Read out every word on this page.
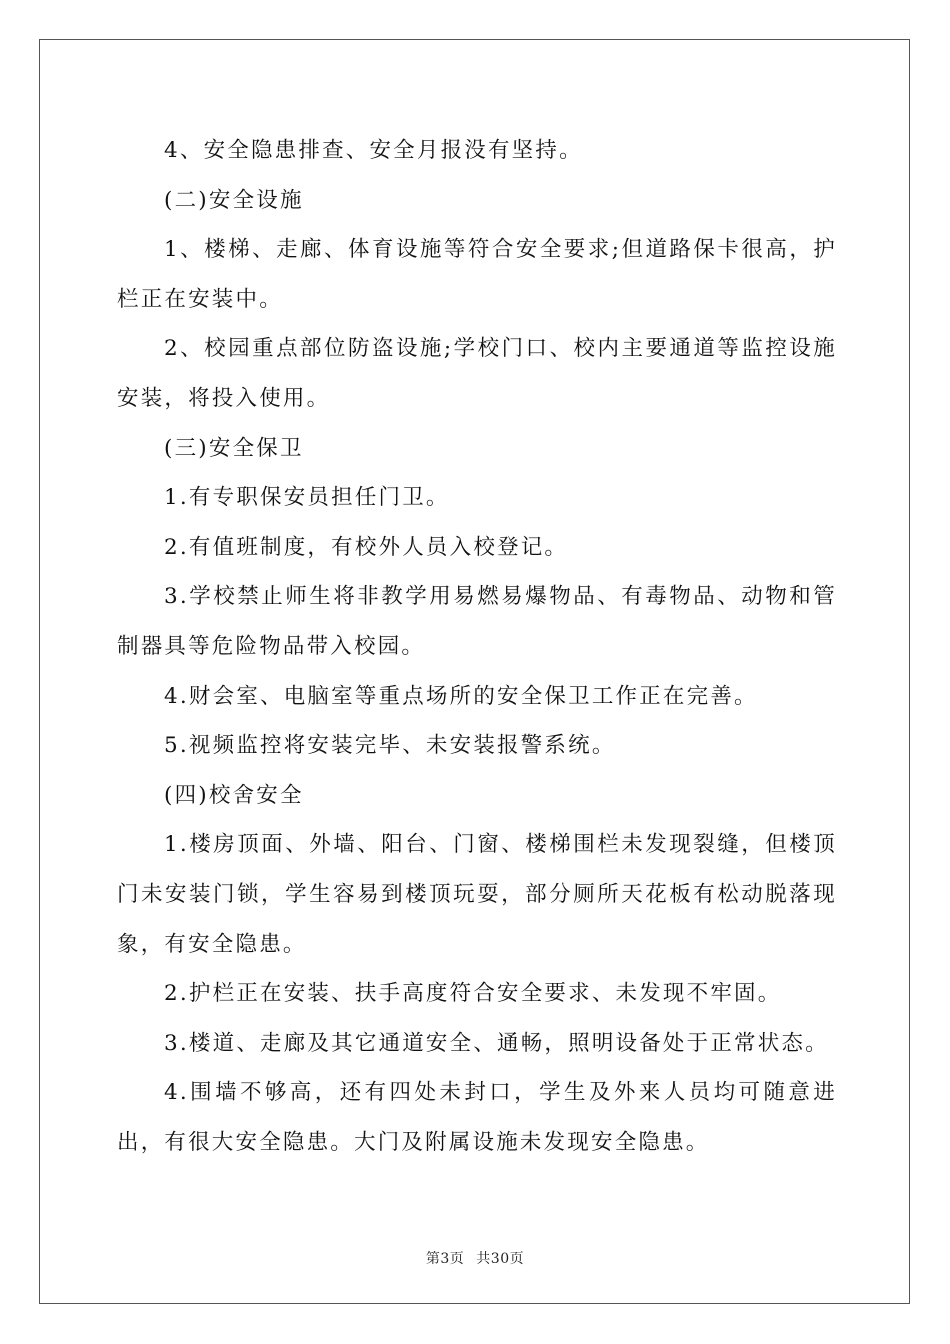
4、安全隐患排查、安全月报没有坚持。

(二)安全设施

1、楼梯、走廊、体育设施等符合安全要求;但道路保卡很高，护栏正在安装中。

2、校园重点部位防盗设施;学校门口、校内主要通道等监控设施安装，将投入使用。

(三)安全保卫

1.有专职保安员担任门卫。

2.有值班制度，有校外人员入校登记。

3.学校禁止师生将非教学用易燃易爆物品、有毒物品、动物和管制器具等危险物品带入校园。

4.财会室、电脑室等重点场所的安全保卫工作正在完善。

5.视频监控将安装完毕、未安装报警系统。

(四)校舍安全

1.楼房顶面、外墙、阳台、门窗、楼梯围栏未发现裂缝，但楼顶门未安装门锁，学生容易到楼顶玩耍，部分厕所天花板有松动脱落现象，有安全隐患。

2.护栏正在安装、扶手高度符合安全要求、未发现不牢固。

3.楼道、走廊及其它通道安全、通畅，照明设备处于正常状态。

4.围墙不够高，还有四处未封口，学生及外来人员均可随意进出，有很大安全隐患。大门及附属设施未发现安全隐患。

第3页 共30页
